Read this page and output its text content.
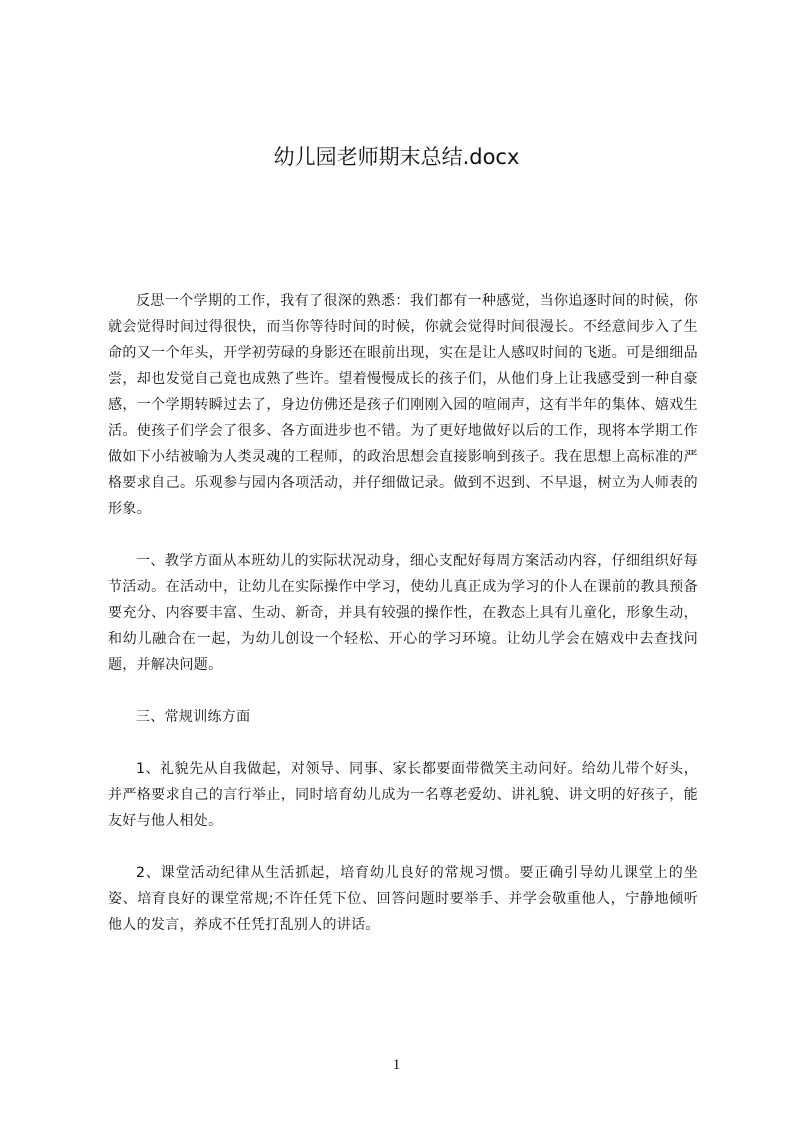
幼儿园老师期末总结.docx

反思一个学期的工作，我有了很深的熟悉：我们都有一种感觉，当你追逐时间的时候，你就会觉得时间过得很快，而当你等待时间的时候，你就会觉得时间很漫长。不经意间步入了生命的又一个年头，开学初劳碌的身影还在眼前出现，实在是让人感叹时间的飞逝。可是细细品尝，却也发觉自己竟也成熟了些许。望着慢慢成长的孩子们，从他们身上让我感受到一种自豪感，一个学期转瞬过去了，身边仿佛还是孩子们刚刚入园的喧闹声，这有半年的集体、嬉戏生活。使孩子们学会了很多、各方面进步也不错。为了更好地做好以后的工作，现将本学期工作做如下小结被喻为人类灵魂的工程师，的政治思想会直接影响到孩子。我在思想上高标准的严格要求自己。乐观参与园内各项活动，并仔细做记录。做到不迟到、不早退，树立为人师表的形象。

一、教学方面从本班幼儿的实际状况动身，细心支配好每周方案活动内容，仔细组织好每节活动。在活动中，让幼儿在实际操作中学习，使幼儿真正成为学习的仆人在课前的教具预备要充分、内容要丰富、生动、新奇，并具有较强的操作性，在教态上具有儿童化，形象生动，和幼儿融合在一起，为幼儿创设一个轻松、开心的学习环境。让幼儿学会在嬉戏中去查找问题，并解决问题。

三、常规训练方面

1、礼貌先从自我做起，对领导、同事、家长都要面带微笑主动问好。给幼儿带个好头，并严格要求自己的言行举止，同时培育幼儿成为一名尊老爱幼、讲礼貌、讲文明的好孩子，能友好与他人相处。

2、课堂活动纪律从生活抓起，培育幼儿良好的常规习惯。要正确引导幼儿课堂上的坐姿、培育良好的课堂常规;不许任凭下位、回答问题时要举手、并学会敬重他人，宁静地倾听他人的发言，养成不任凭打乱别人的讲话。

1
